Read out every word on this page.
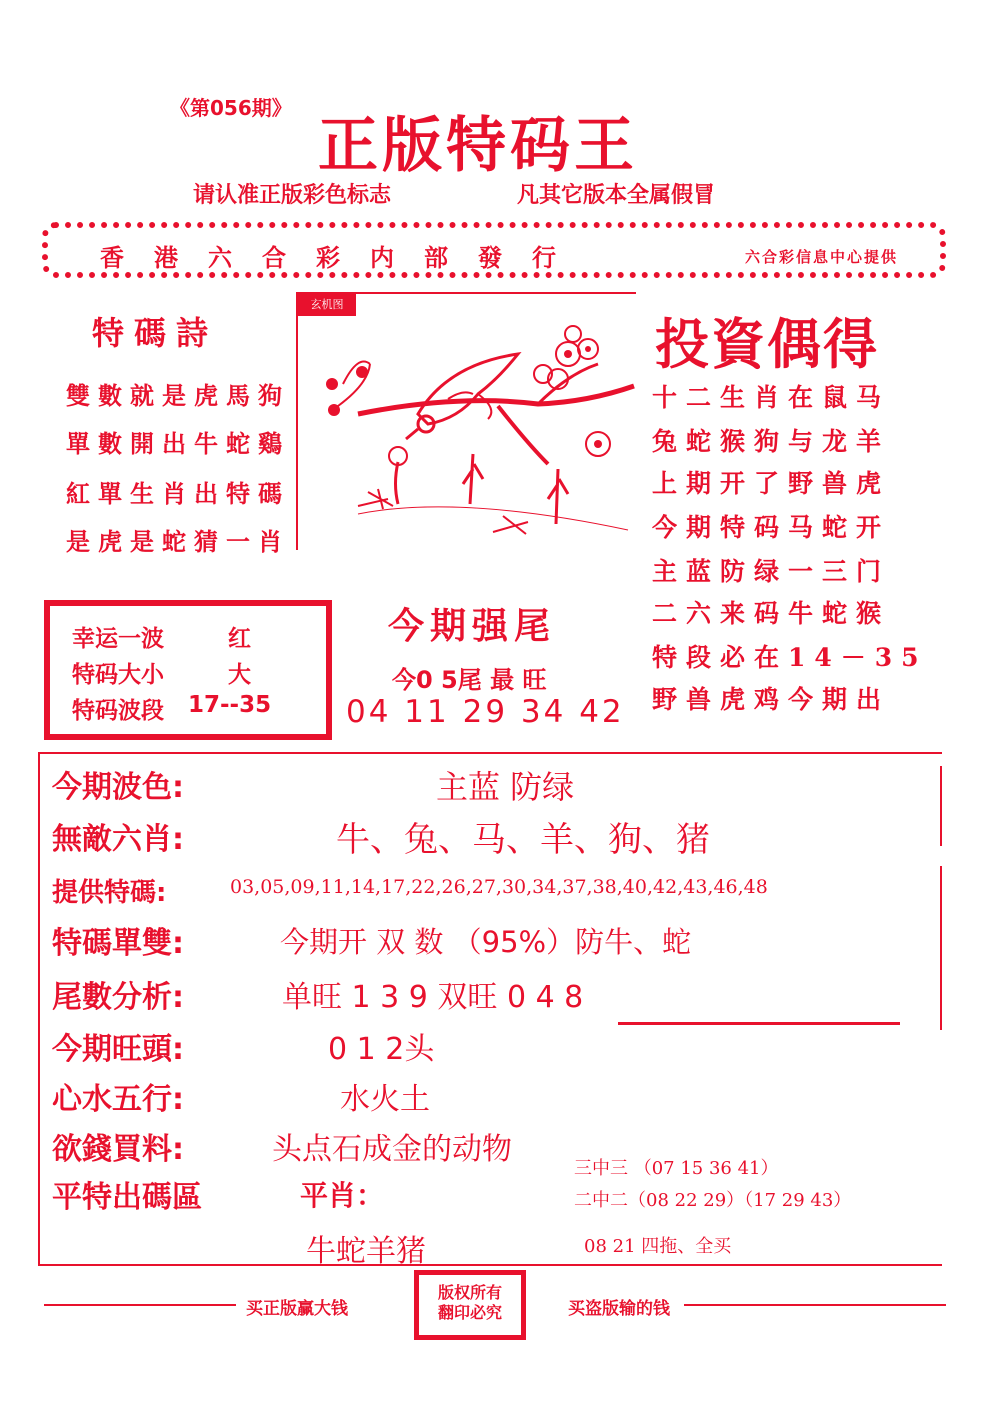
《第056期》
正版特码王
请认准正版彩色标志	凡其它版本全属假冒
香港六合彩内部發行	六合彩信息中心提供
特碼詩
雙數就是虎馬狗
單數開出牛蛇鷄
紅單生肖出特碼
是虎是蛇猜一肖
玄机图
投資偶得
十二生肖在鼠马
兔蛇猴狗与龙羊
上期开了野兽虎
今期特码马蛇开
主蓝防绿一三门
二六来码牛蛇猴
特段必在14－35
野兽虎鸡今期出
幸运一波	红
特码大小	大
特码波段 17--35
今期强尾
今0 5尾 最 旺
04 11 29 34 42
今期波色:	主蓝 防绿
無敵六肖:	牛、兔、马、羊、狗、猪
提供特碼:	03,05,09,11,14,17,22,26,27,30,34,37,38,40,42,43,46,48
特碼單雙:	今期开 双 数 （95%）防牛、蛇
尾數分析:	单旺 1 3 9 双旺 0 4 8
今期旺頭:	0 1 2头
心水五行:	水火土
欲錢買料:	头点石成金的动物
平特出碼區	平肖：
牛蛇羊猪
三中三 （07 15 36 41）
二中二（08 22 29）（17 29 43）
08 21 四拖、全买
买正版赢大钱	买盗版输的钱
版权所有
翻印必究
